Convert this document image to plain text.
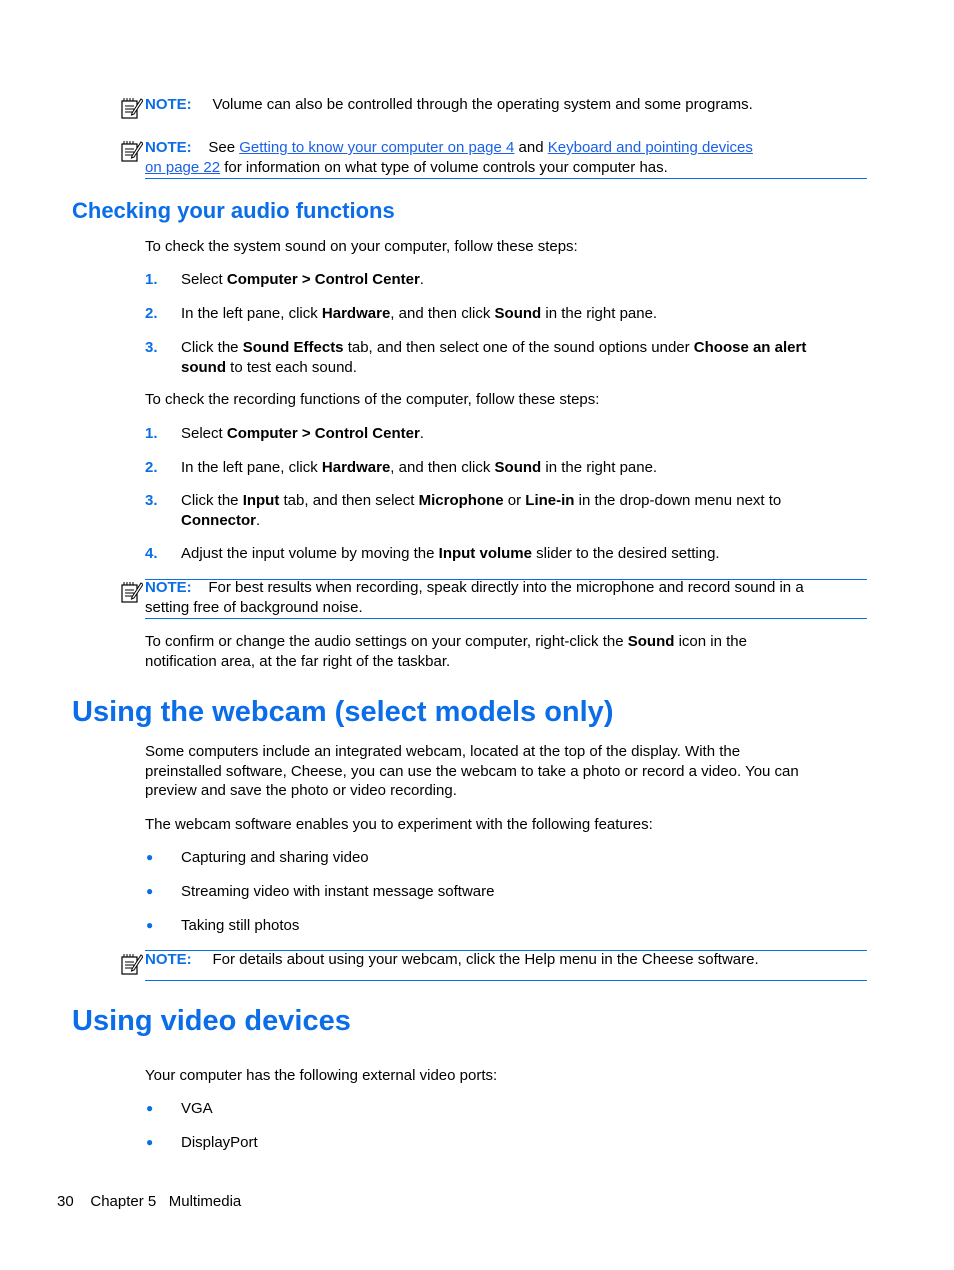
NOTE: Volume can also be controlled through the operating system and some programs.
NOTE: See Getting to know your computer on page 4 and Keyboard and pointing devices
on page 22 for information on what type of volume controls your computer has.
Checking your audio functions
To check the system sound on your computer, follow these steps:
1. Select Computer > Control Center.
2. In the left pane, click Hardware, and then click Sound in the right pane.
3. Click the Sound Effects tab, and then select one of the sound options under Choose an alert
sound to test each sound.
To check the recording functions of the computer, follow these steps:
1. Select Computer > Control Center.
2. In the left pane, click Hardware, and then click Sound in the right pane.
3. Click the Input tab, and then select Microphone or Line-in in the drop-down menu next to
Connector.
4. Adjust the input volume by moving the Input volume slider to the desired setting.
NOTE: For best results when recording, speak directly into the microphone and record sound in a
setting free of background noise.
To confirm or change the audio settings on your computer, right-click the Sound icon in the
notification area, at the far right of the taskbar.
Using the webcam (select models only)
Some computers include an integrated webcam, located at the top of the display. With the
preinstalled software, Cheese, you can use the webcam to take a photo or record a video. You can
preview and save the photo or video recording.
The webcam software enables you to experiment with the following features:
● Capturing and sharing video
● Streaming video with instant message software
● Taking still photos
NOTE: For details about using your webcam, click the Help menu in the Cheese software.
Using video devices
Your computer has the following external video ports:
● VGA
● DisplayPort
30 Chapter 5   Multimedia
